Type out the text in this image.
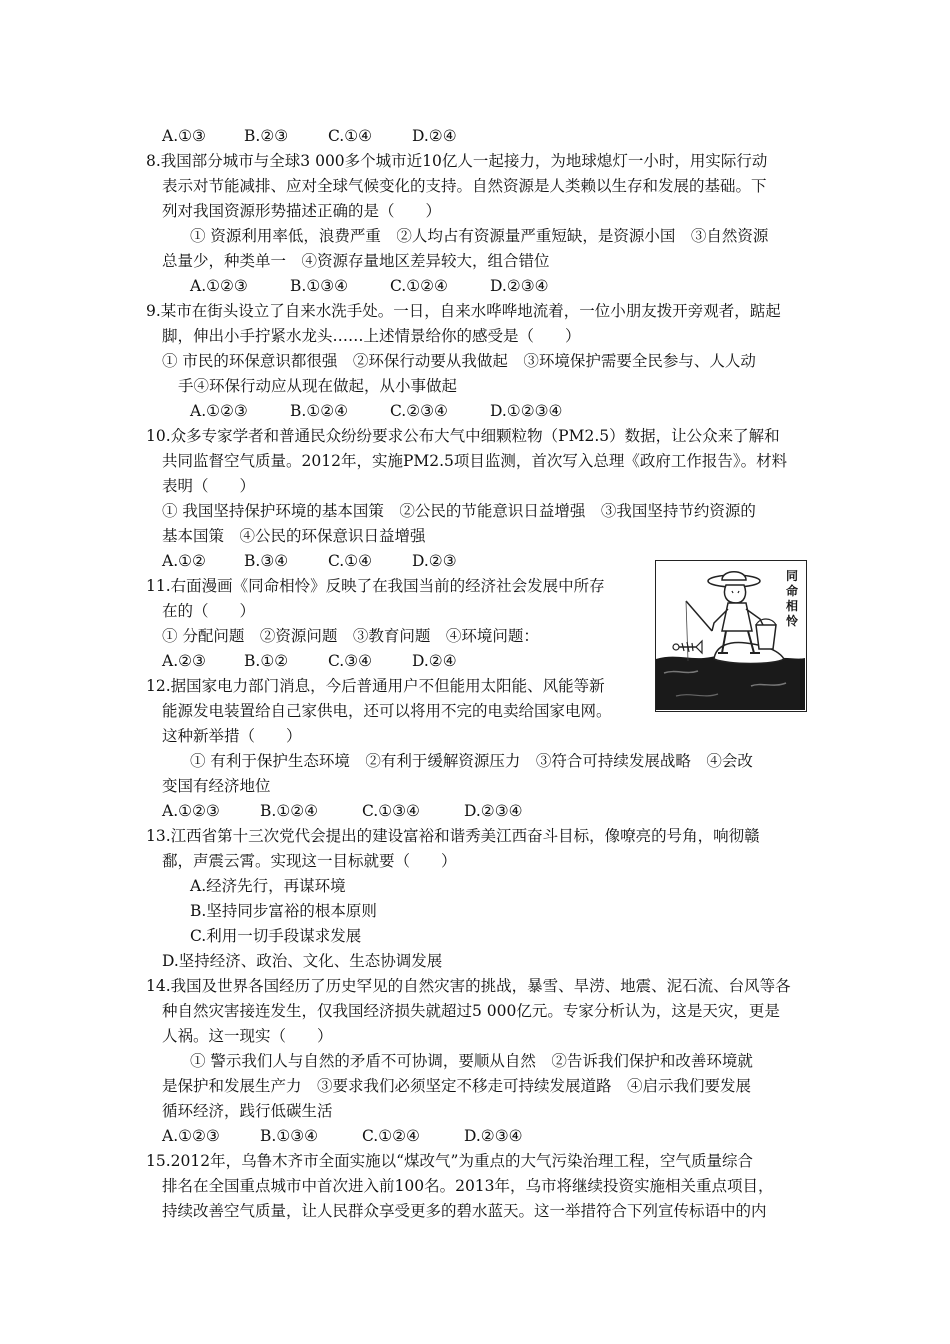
A.①③	B.②③	C.①④	D.②④
8.我国部分城市与全球3 000多个城市近10亿人一起接力，为地球熄灯一小时，用实际行动
表示对节能减排、应对全球气候变化的支持。自然资源是人类赖以生存和发展的基础。下
列对我国资源形势描述正确的是（　　）
① 资源利用率低，浪费严重　②人均占有资源量严重短缺，是资源小国　③自然资源
总量少，种类单一　④资源存量地区差异较大，组合错位
A.①②③	B.①③④	C.①②④	D.②③④
9.某市在街头设立了自来水洗手处。一日，自来水哗哗地流着，一位小朋友拨开旁观者，踮起
脚，伸出小手拧紧水龙头……上述情景给你的感受是（　　）
① 市民的环保意识都很强　②环保行动要从我做起　③环境保护需要全民参与、人人动
手④环保行动应从现在做起，从小事做起
A.①②③	B.①②④	C.②③④	D.①②③④
10.众多专家学者和普通民众纷纷要求公布大气中细颗粒物（PM2.5）数据，让公众来了解和
共同监督空气质量。2012年，实施PM2.5项目监测，首次写入总理《政府工作报告》。材料
表明（　　）
① 我国坚持保护环境的基本国策　②公民的节能意识日益增强　③我国坚持节约资源的
基本国策　④公民的环保意识日益增强
A.①②	B.③④	C.①④	D.②③
11.右面漫画《同命相怜》反映了在我国当前的经济社会发展中所存
在的（　　）
① 分配问题　②资源问题　③教育问题　④环境问题：
A.②③	B.①②	C.③④	D.②④
同命相怜
12.据国家电力部门消息，今后普通用户不但能用太阳能、风能等新
能源发电装置给自己家供电，还可以将用不完的电卖给国家电网。
这种新举措（　　）
① 有利于保护生态环境　②有利于缓解资源压力　③符合可持续发展战略　④会改
变国有经济地位
A.①②③	B.①②④	C.①③④	D.②③④
13.江西省第十三次党代会提出的建设富裕和谐秀美江西奋斗目标，像嘹亮的号角，响彻赣
鄱，声震云霄。实现这一目标就要（　　）
A.经济先行，再谋环境
B.坚持同步富裕的根本原则
C.利用一切手段谋求发展
D.坚持经济、政治、文化、生态协调发展
14.我国及世界各国经历了历史罕见的自然灾害的挑战，暴雪、旱涝、地震、泥石流、台风等各
种自然灾害接连发生，仅我国经济损失就超过5 000亿元。专家分析认为，这是天灾，更是
人祸。这一现实（　　）
① 警示我们人与自然的矛盾不可协调，要顺从自然　②告诉我们保护和改善环境就
是保护和发展生产力　③要求我们必须坚定不移走可持续发展道路　④启示我们要发展
循环经济，践行低碳生活
A.①②③	B.①③④	C.①②④	D.②③④
15.2012年，乌鲁木齐市全面实施以“煤改气”为重点的大气污染治理工程，空气质量综合
排名在全国重点城市中首次进入前100名。2013年，乌市将继续投资实施相关重点项目，
持续改善空气质量，让人民群众享受更多的碧水蓝天。这一举措符合下列宣传标语中的内
